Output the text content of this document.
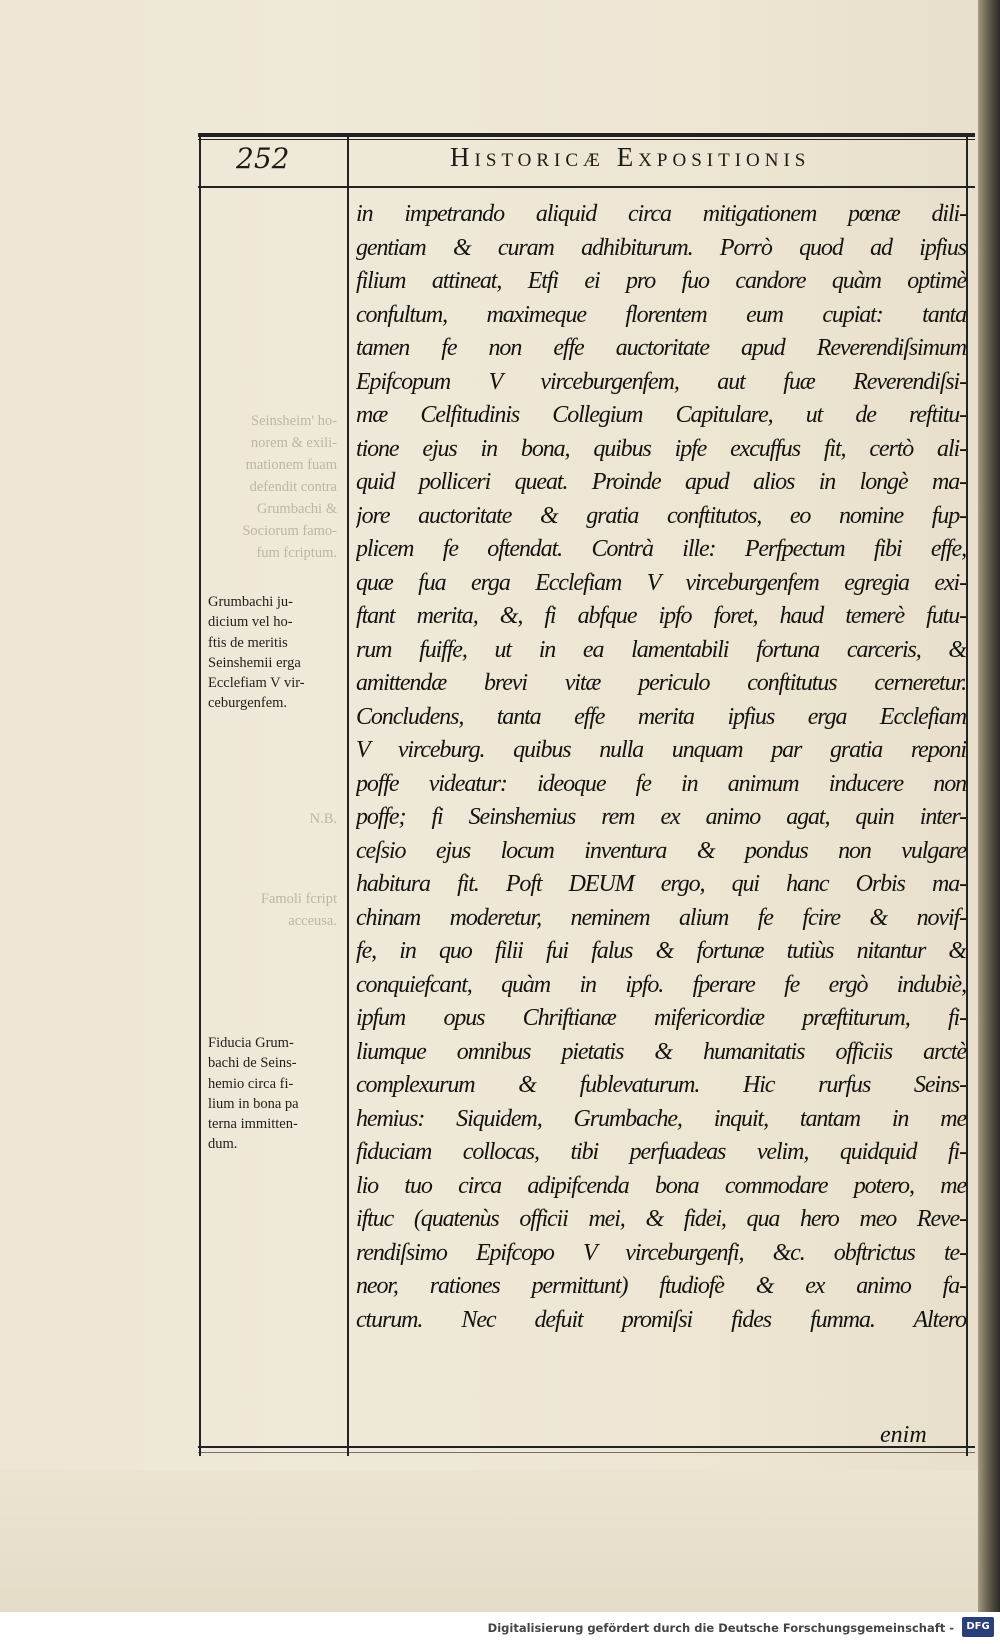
252	Historicæ Expositionis
Seinsheim' ho-
norem & exili-
mationem fuam
defendit contra
Grumbachi &
Sociorum famo-
fum fcriptum.
N.B.
Famoli fcript
acceusa.
Grumbachi ju-
dicium vel ho-
ftis de meritis
Seinshemii erga
Ecclefiam V vir-
ceburgenfem.
Fiducia Grum-
bachi de Seins-
hemio circa fi-
lium in bona pa
terna immitten-
dum.
in impetrando aliquid circa mitigationem pœnæ dili-
gentiam & curam adhibiturum. Porrò quod ad ipfius
filium attineat, Etfi ei pro fuo candore quàm optimè
confultum, maximeque florentem eum cupiat: tanta
tamen fe non effe auctoritate apud Reverendiſsimum
Epifcopum V virceburgenfem, aut fuæ Reverendiſsi-
mæ Celfitudinis Collegium Capitulare, ut de reftitu-
tione ejus in bona, quibus ipfe excuffus fit, certò ali-
quid polliceri queat. Proinde apud alios in longè ma-
jore auctoritate & gratia conftitutos, eo nomine fup-
plicem fe oftendat. Contrà ille: Perfpectum fibi effe,
quæ fua erga Ecclefiam V virceburgenfem egregia exi-
ftant merita, &, fi abfque ipfo foret, haud temerè futu-
rum fuiffe, ut in ea lamentabili fortuna carceris, &
amittendæ brevi vitæ periculo conftitutus cerneretur.
Concludens, tanta effe merita ipfius erga Ecclefiam
V virceburg. quibus nulla unquam par gratia reponi
poffe videatur: ideoque fe in animum inducere non
poffe; fi Seinshemius rem ex animo agat, quin inter-
ceſsio ejus locum inventura & pondus non vulgare
habitura fit. Poft DEUM ergo, qui hanc Orbis ma-
chinam moderetur, neminem alium fe fcire & novif-
fe, in quo filii fui falus & fortunæ tutiùs nitantur &
conquiefcant, quàm in ipfo. fperare fe ergò indubiè,
ipfum opus Chriftianæ mifericordiæ præftiturum, fi-
liumque omnibus pietatis & humanitatis officiis arctè
complexurum & fublevaturum. Hic rurfus Seins-
hemius: Siquidem, Grumbache, inquit, tantam in me
fiduciam collocas, tibi perfuadeas velim, quidquid fi-
lio tuo circa adipifcenda bona commodare potero, me
iftuc (quatenùs officii mei, & fidei, qua hero meo Reve-
rendiſsimo Epifcopo V virceburgenfi, &c. obftrictus te-
neor, rationes permittunt) ftudiofè & ex animo fa-
cturum. Nec defuit promiſsi fides fumma. Altero
enim
Digitalisierung gefördert durch die Deutsche Forschungsgemeinschaft -	DFG
